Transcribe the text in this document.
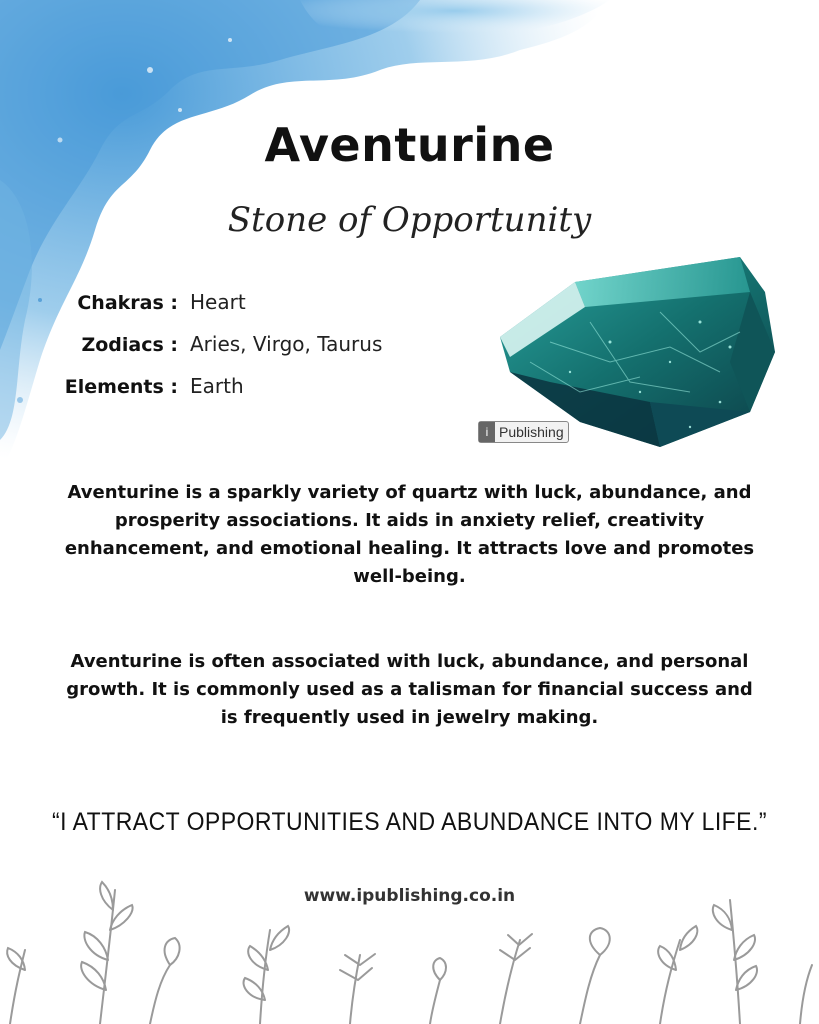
Aventurine
Stone of Opportunity
Chakras : Heart
Zodiacs : Aries, Virgo, Taurus
Elements : Earth
i Publishing
Aventurine is a sparkly variety of quartz with luck, abundance, and prosperity associations. It aids in anxiety relief, creativity enhancement, and emotional healing. It attracts love and promotes well-being.
Aventurine is often associated with luck, abundance, and personal growth. It is commonly used as a talisman for financial success and is frequently used in jewelry making.
“I ATTRACT OPPORTUNITIES AND ABUNDANCE INTO MY LIFE.”
www.ipublishing.co.in
